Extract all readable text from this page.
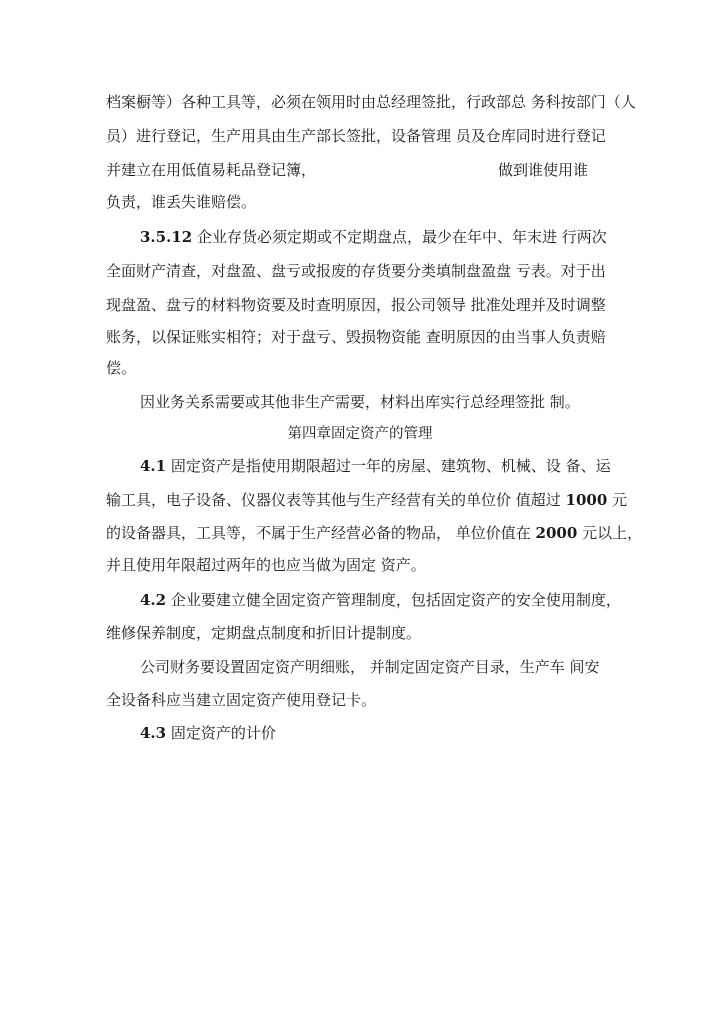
档案橱等）各种工具等，必须在领用时由总经理签批，行政部总 务科按部门（人
员）进行登记，生产用具由生产部长签批，设备管理 员及仓库同时进行登记
并建立在用低值易耗品登记簿，	做到谁使用谁
负责，谁丢失谁赔偿。
3.5.12 企业存货必须定期或不定期盘点，最少在年中、年末进 行两次
全面财产清查，对盘盈、盘亏或报废的存货要分类填制盘盈盘 亏表。对于出
现盘盈、盘亏的材料物资要及时查明原因，报公司领导 批准处理并及时调整
账务，以保证账实相符；对于盘亏、毁损物资能 查明原因的由当事人负责赔
偿。
因业务关系需要或其他非生产需要，材料出库实行总经理签批 制。
第四章固定资产的管理
4.1 固定资产是指使用期限超过一年的房屋、建筑物、机械、设 备、运
输工具，电子设备、仪器仪表等其他与生产经营有关的单位价 值超过 1000 元
的设备器具，工具等，不属于生产经营必备的物品， 单位价值在 2000 元以上，
并且使用年限超过两年的也应当做为固定 资产。
4.2 企业要建立健全固定资产管理制度，包括固定资产的安全使用制度，
维修保养制度，定期盘点制度和折旧计提制度。
公司财务要设置固定资产明细账， 并制定固定资产目录，生产车 间安
全设备科应当建立固定资产使用登记卡。
4.3 固定资产的计价
